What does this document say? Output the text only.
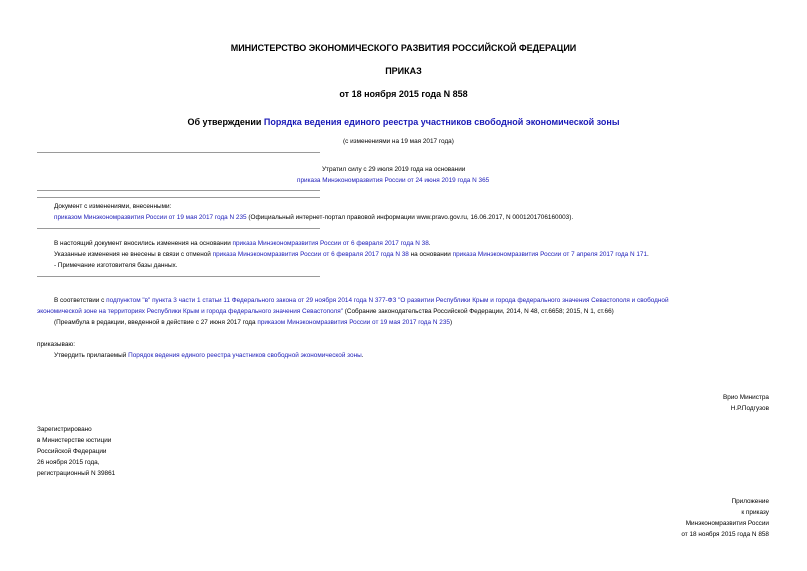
МИНИСТЕРСТВО ЭКОНОМИЧЕСКОГО РАЗВИТИЯ РОССИЙСКОЙ ФЕДЕРАЦИИ
ПРИКАЗ
от 18 ноября 2015 года N 858
Об утверждении Порядка ведения единого реестра участников свободной экономической зоны
(с изменениями на 19 мая 2017 года)
Утратил силу с 29 июля 2019 года на основании
приказа Минэкономразвития России от 24 июня 2019 года N 365
Документ с изменениями, внесенными:
приказом Минэкономразвития России от 19 мая 2017 года N 235 (Официальный интернет-портал правовой информации www.pravo.gov.ru, 16.06.2017, N 0001201706160003).
В настоящий документ вносились изменения на основании приказа Минэкономразвития России от 6 февраля 2017 года N 38.
Указанные изменения не внесены в связи с отменой приказа Минэкономразвития России от 6 февраля 2017 года N 38 на основании приказа Минэкономразвития России от 7 апреля 2017 года N 171.
- Примечание изготовителя базы данных.
В соответствии с подпунктом "в" пункта 3 части 1 статьи 11 Федерального закона от 29 ноября 2014 года N 377-ФЗ "О развитии Республики Крым и города федерального значения Севастополя и свободной
экономической зоне на территориях Республики Крым и города федерального значения Севастополя" (Собрание законодательства Российской Федерации, 2014, N 48, ст.6658; 2015, N 1, ст.66)
(Преамбула в редакции, введенной в действие с 27 июня 2017 года приказом Минэкономразвития России от 19 мая 2017 года N 235)
приказываю:
Утвердить прилагаемый Порядок ведения единого реестра участников свободной экономической зоны.
Врио Министра
Н.Р.Подгузов
Зарегистрировано
в Министерстве юстиции
Российской Федерации
26 ноября 2015 года,
регистрационный N 39861
Приложение
к приказу
Минэкономразвития России
от 18 ноября 2015 года N 858
